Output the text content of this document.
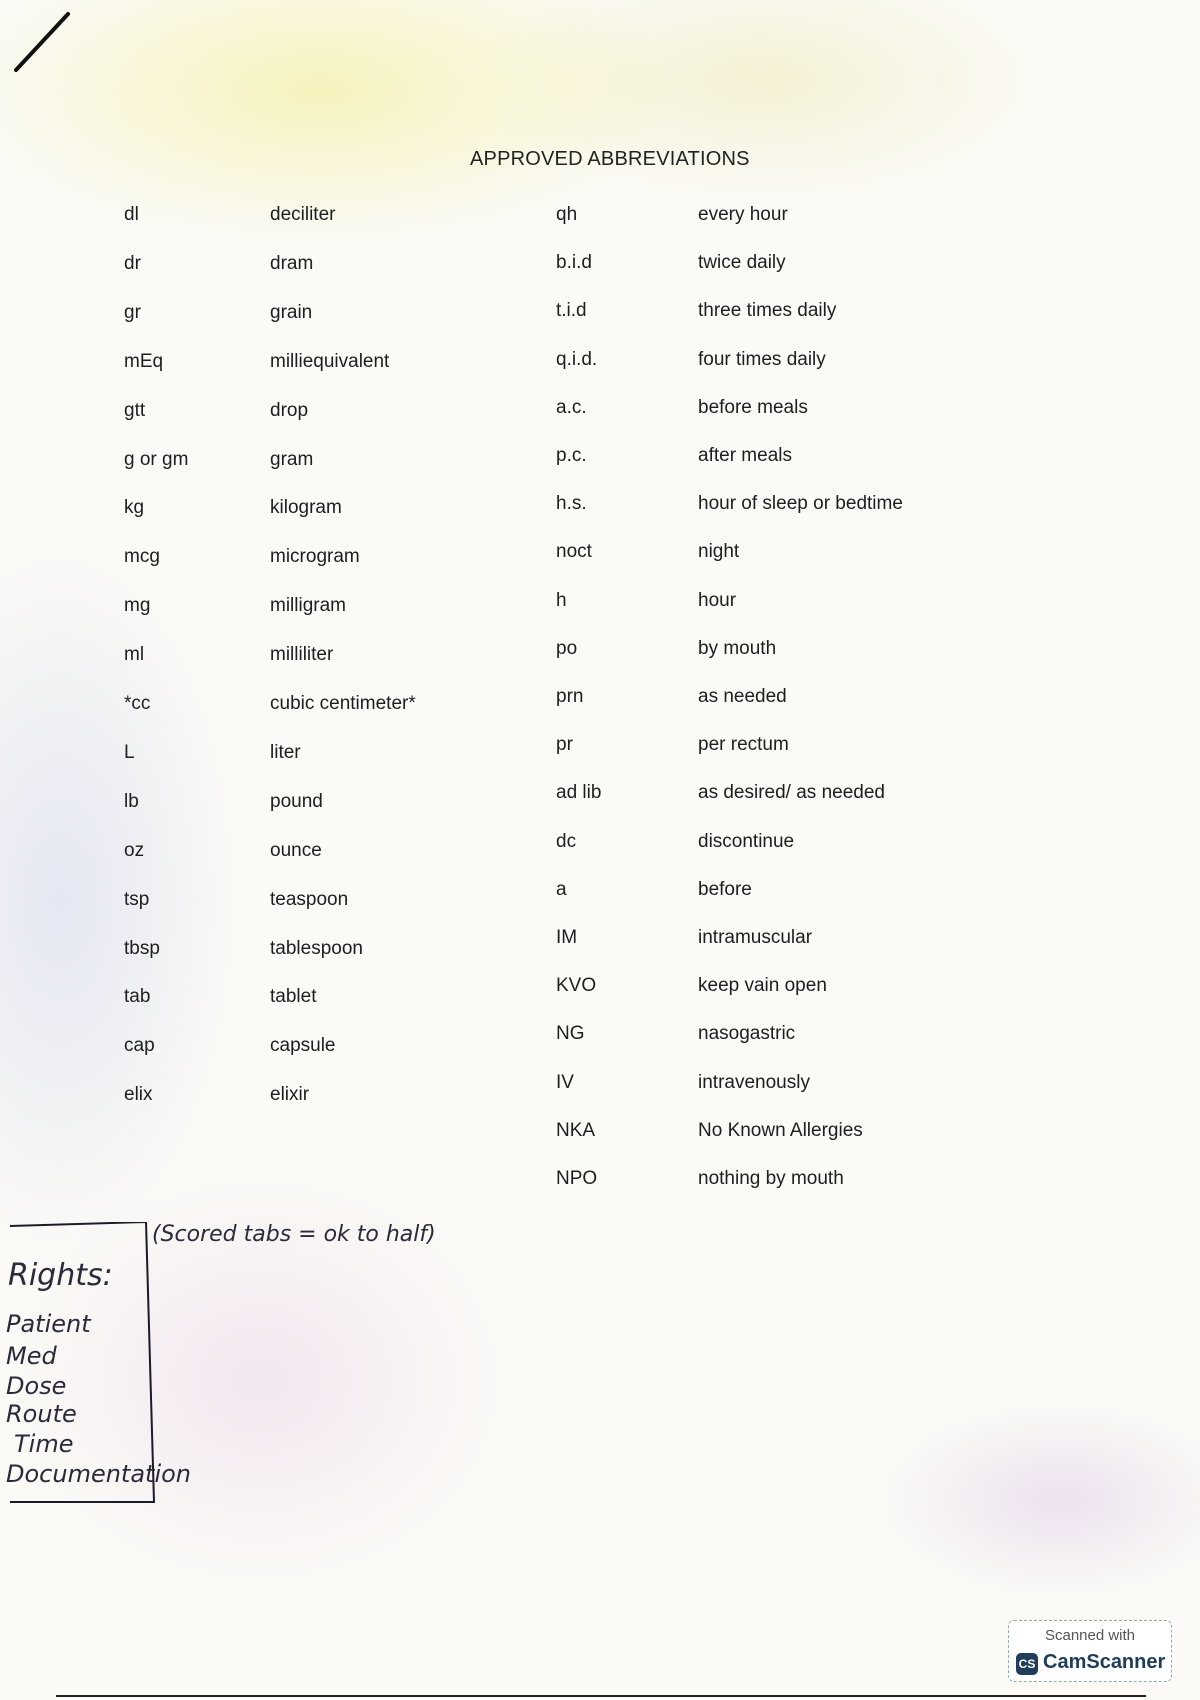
APPROVED ABBREVIATIONS
dl	deciliter
dr	dram
gr	grain
mEq	milliequivalent
gtt	drop
g or gm	gram
kg	kilogram
mcg	microgram
mg	milligram
ml	milliliter
*cc	cubic centimeter*
L	liter
lb	pound
oz	ounce
tsp	teaspoon
tbsp	tablespoon
tab	tablet
cap	capsule
elix	elixir
qh	every hour
b.i.d	twice daily
t.i.d	three times daily
q.i.d.	four times daily
a.c.	before meals
p.c.	after meals
h.s.	hour of sleep or bedtime
noct	night
h	hour
po	by mouth
prn	as needed
pr	per rectum
ad lib	as desired/ as needed
dc	discontinue
a	before
IM	intramuscular
KVO	keep vain open
NG	nasogastric
IV	intravenously
NKA	No Known Allergies
NPO	nothing by mouth
(Scored tabs = ok to half)
Rights:
Patient
Med
Dose
Route
Time
Documentation
Scanned with
CS CamScanner
